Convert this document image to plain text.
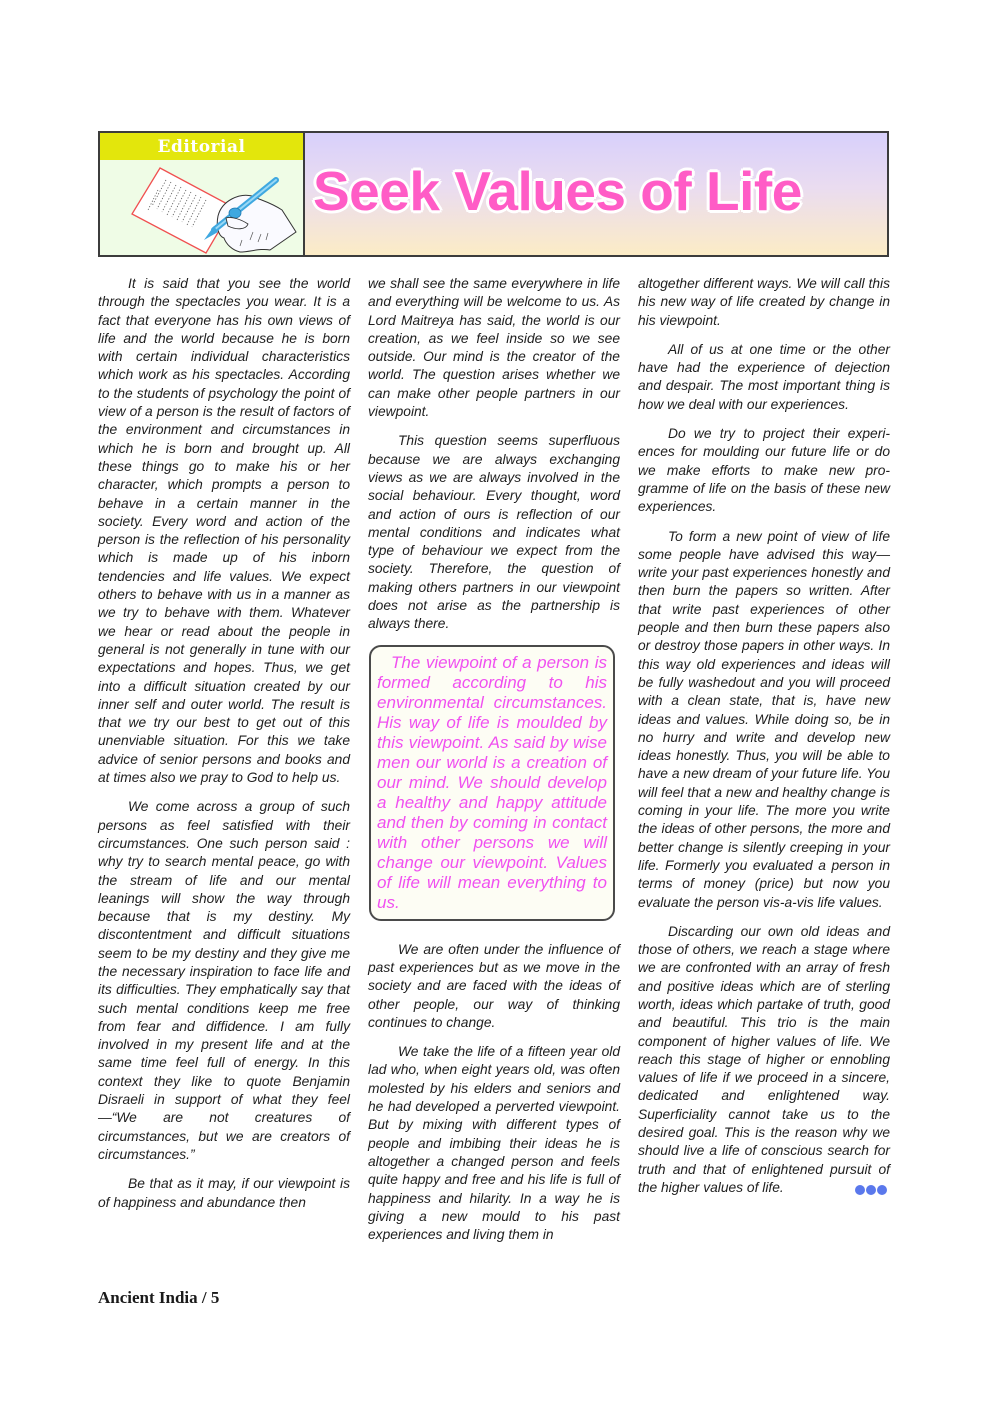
Editorial
Seek Values of Life

It is said that you see the world through the spectacles you wear. It is a fact that everyone has his own views of life and the world because he is born with certain individual characteristics which work as his spectacles. According to the students of psychology the point of view of a person is the result of factors of the environment and circumstances in which he is born and brought up. All these things go to make his or her character, which prompts a person to behave in a certain manner in the society. Every word and action of the person is the reflection of his personality which is made up of his inborn tendencies and life values. We expect others to behave with us in a manner as we try to behave with them. Whatever we hear or read about the people in general is not generally in tune with our expectations and hopes. Thus, we get into a difficult situation created by our inner self and outer world. The result is that we try our best to get out of this unenviable situation. For this we take advice of senior persons and books and at times also we pray to God to help us.

We come across a group of such persons as feel satisfied with their circumstances. One such person said : why try to search mental peace, go with the stream of life and our mental leanings will show the way through because that is my destiny. My discontentment and difficult situations seem to be my destiny and they give me the necessary inspiration to face life and its difficulties. They emphatically say that such mental conditions keep me free from fear and diffidence. I am fully involved in my present life and at the same time feel full of energy. In this context they like to quote Benjamin Disraeli in support of what they feel—“We are not creatures of circumstances, but we are creators of circumstances.”

Be that as it may, if our viewpoint is of happiness and abundance then

we shall see the same everywhere in life and everything will be welcome to us. As Lord Maitreya has said, the world is our creation, as we feel inside so we see outside. Our mind is the creator of the world. The question arises whether we can make other people partners in our viewpoint.

This question seems superfluous because we are always exchanging views as we are always involved in the social behaviour. Every thought, word and action of ours is reflection of our mental conditions and indicates what type of behaviour we expect from the society. Therefore, the question of making others partners in our viewpoint does not arise as the partnership is always there.

The viewpoint of a person is formed according to his environmental circumstances. His way of life is moulded by this viewpoint. As said by wise men our world is a creation of our mind. We should develop a healthy and happy attitude and then by coming in contact with other persons we will change our viewpoint. Values of life will mean everything to us.

We are often under the influence of past experiences but as we move in the society and are faced with the ideas of other people, our way of thinking continues to change.

We take the life of a fifteen year old lad who, when eight years old, was often molested by his elders and seniors and he had developed a perverted viewpoint. But by mixing with different types of people and imbibing their ideas he is altogether a changed person and feels quite happy and free and his life is full of happiness and hilarity. In a way he is giving a new mould to his past experiences and living them in

altogether different ways. We will call this his new way of life created by change in his viewpoint.

All of us at one time or the other have had the experience of dejection and despair. The most important thing is how we deal with our experiences.

Do we try to project their experiences for moulding our future life or do we make efforts to make new programme of life on the basis of these new experiences.

To form a new point of view of life some people have advised this way—write your past experiences honestly and then burn the papers so written. After that write past experiences of other people and then burn these papers also or destroy those papers in other ways. In this way old experiences and ideas will be fully washedout and you will proceed with a clean state, that is, have new ideas and values. While doing so, be in no hurry and write and develop new ideas honestly. Thus, you will be able to have a new dream of your future life. You will feel that a new and healthy change is coming in your life. The more you write the ideas of other persons, the more and better change is silently creeping in your life. Formerly you evaluated a person in terms of money (price) but now you evaluate the person vis-a-vis life values.

Discarding our own old ideas and those of others, we reach a stage where we are confronted with an array of fresh and positive ideas which are of sterling worth, ideas which partake of truth, good and beautiful. This trio is the main component of higher values of life. We reach this stage of higher or ennobling values of life if we proceed in a sincere, dedicated and enlightened way. Superficiality cannot take us to the desired goal. This is the reason why we should live a life of conscious search for truth and that of enlightened pursuit of the higher values of life.

Ancient India / 5
